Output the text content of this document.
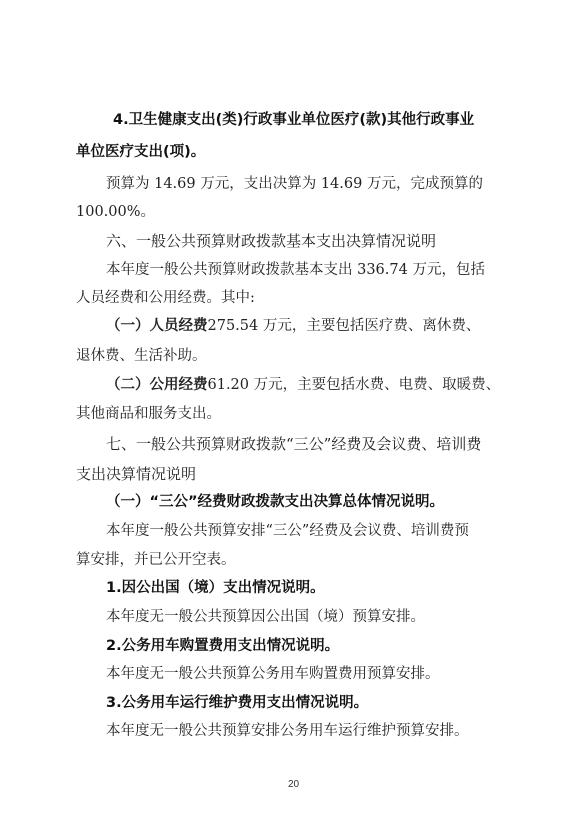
4.卫生健康支出(类)行政事业单位医疗(款)其他行政事业

单位医疗支出(项)。

预算为 14.69 万元，支出决算为 14.69 万元，完成预算的

100.00%。

六、一般公共预算财政拨款基本支出决算情况说明

本年度一般公共预算财政拨款基本支出 336.74 万元，包括

人员经费和公用经费。其中:

（一）人员经费275.54 万元，主要包括医疗费、离休费、

退休费、生活补助。

（二）公用经费61.20 万元，主要包括水费、电费、取暖费、

其他商品和服务支出。

七、一般公共预算财政拨款“三公”经费及会议费、培训费

支出决算情况说明

（一）“三公”经费财政拨款支出决算总体情况说明。

本年度一般公共预算安排“三公”经费及会议费、培训费预

算安排，并已公开空表。

1.因公出国（境）支出情况说明。

本年度无一般公共预算因公出国（境）预算安排。

2.公务用车购置费用支出情况说明。

本年度无一般公共预算公务用车购置费用预算安排。

3.公务用车运行维护费用支出情况说明。

本年度无一般公共预算安排公务用车运行维护预算安排。

20
